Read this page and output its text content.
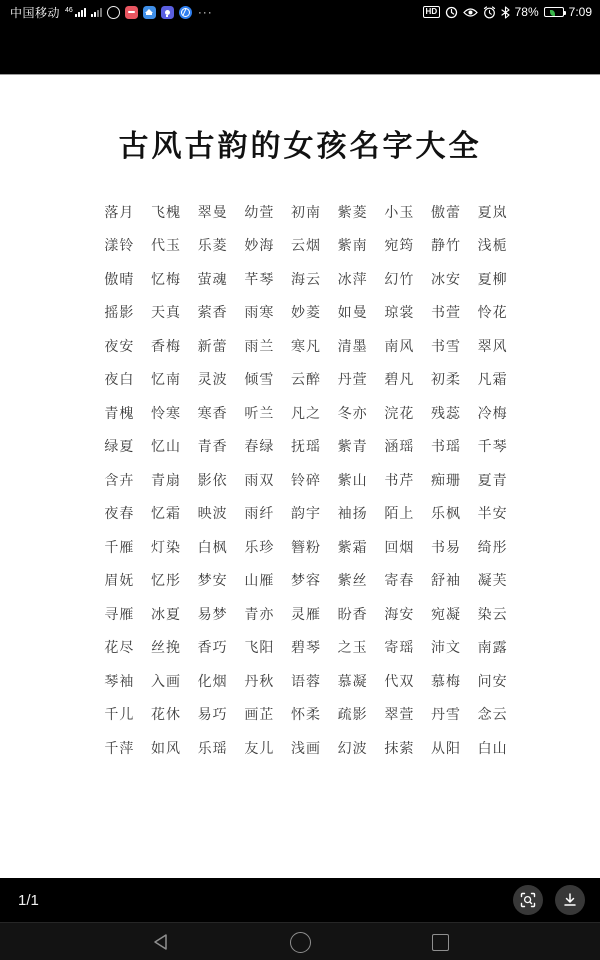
中国移动 46	···	HD	78%	7:09
古风古韵的女孩名字大全
落月 飞槐 翠曼 幼萱 初南 紫菱 小玉 傲蕾 夏岚
漾铃 代玉 乐菱 妙海 云烟 紫南 宛筠 静竹 浅栀
傲晴 忆梅 萤魂 芊琴 海云 冰萍 幻竹 冰安 夏柳
摇影 天真 萦香 雨寒 妙菱 如曼 琼裳 书萱 怜花
夜安 香梅 新蕾 雨兰 寒凡 清墨 南风 书雪 翠风
夜白 忆南 灵波 倾雪 云醉 丹萱 碧凡 初柔 凡霜
青槐 怜寒 寒香 听兰 凡之 冬亦 浣花 残蕊 冷梅
绿夏 忆山 青香 春绿 抚瑶 紫青 涵瑶 书瑶 千琴
含卉 青扇 影依 雨双 铃碎 紫山 书芹 痴珊 夏青
夜春 忆霜 映波 雨纤 韵宇 袖扬 陌上 乐枫 半安
千雁 灯染 白枫 乐珍 簪粉 紫霜 回烟 书易 绮彤
眉妩 忆彤 梦安 山雁 梦容 紫丝 寄春 舒袖 凝芙
寻雁 冰夏 易梦 青亦 灵雁 盼香 海安 宛凝 染云
花尽 丝挽 香巧 飞阳 碧琴 之玉 寄瑶 沛文 南露
琴袖 入画 化烟 丹秋 语蓉 慕凝 代双 慕梅 问安
千儿 花休 易巧 画芷 怀柔 疏影 翠萱 丹雪 念云
千萍 如风 乐瑶 友儿 浅画 幻波 抹萦 从阳 白山
1/1
